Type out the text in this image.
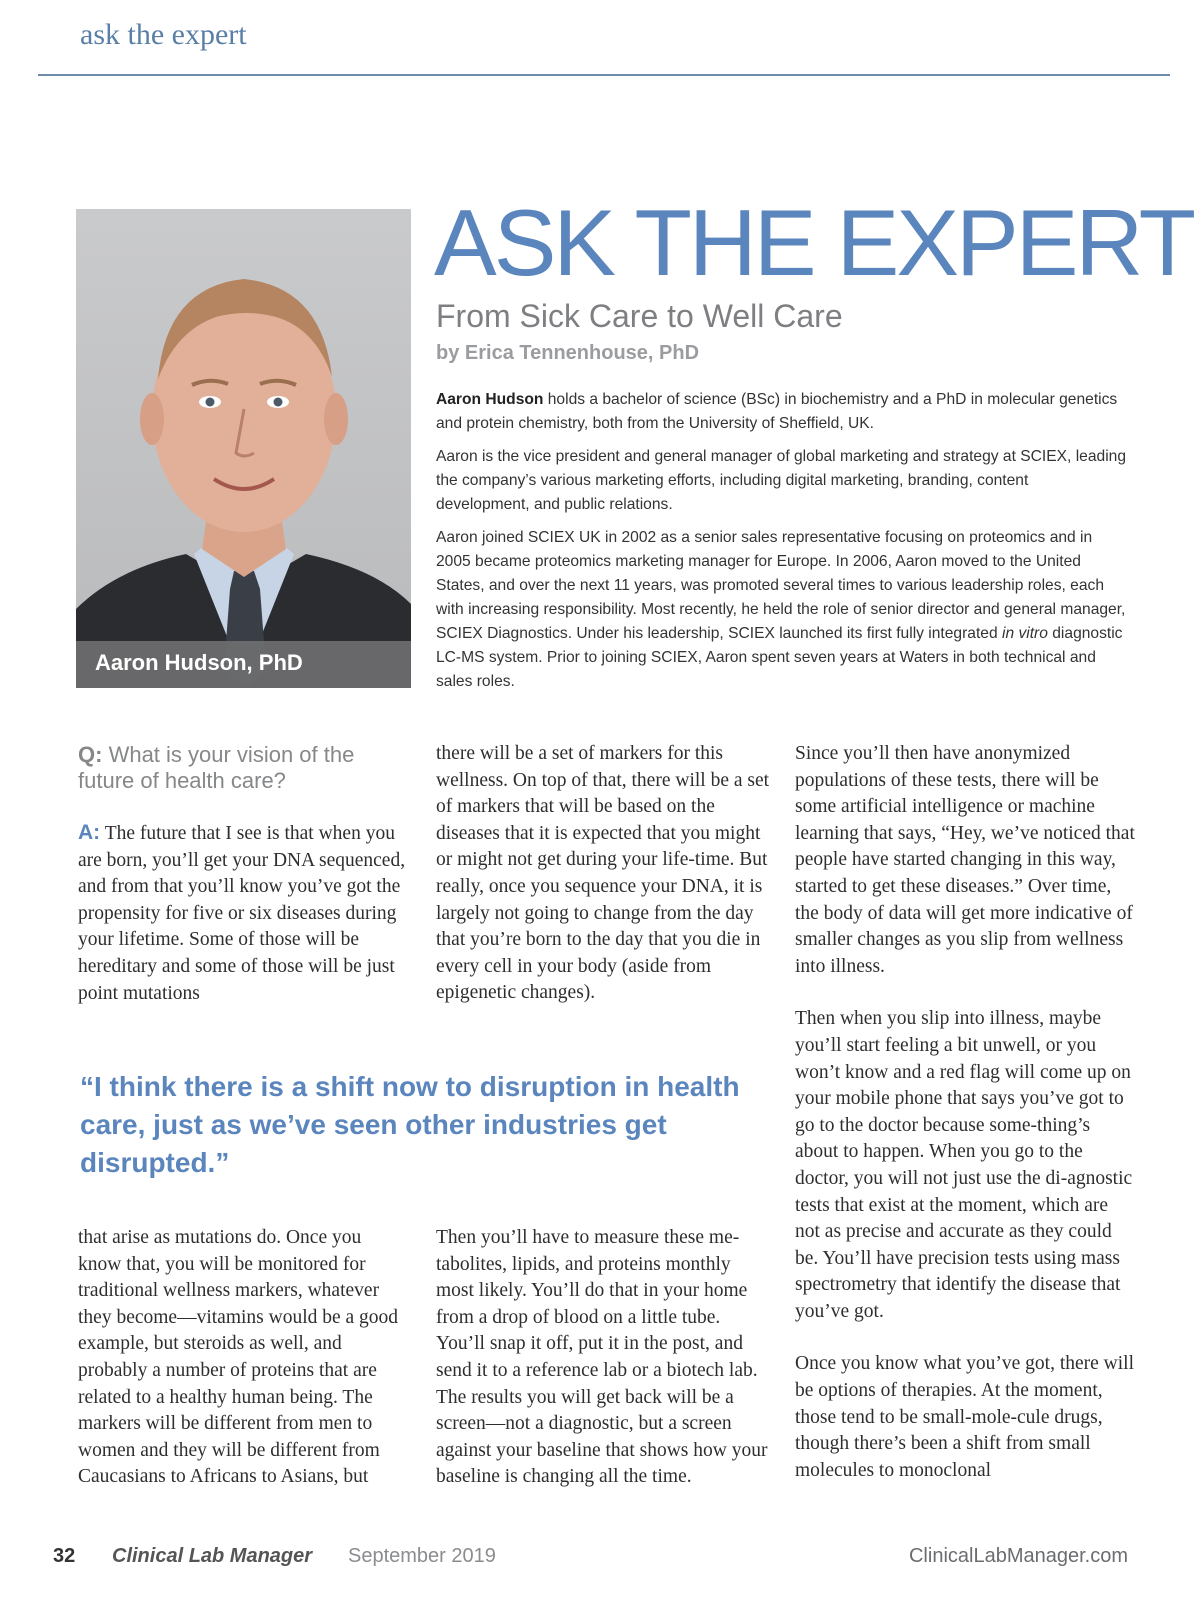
ask the expert
Aaron Hudson, PhD
ASK THE EXPERT
From Sick Care to Well Care
by Erica Tennenhouse, PhD

Aaron Hudson holds a bachelor of science (BSc) in biochemistry and a PhD in molecular genetics and protein chemistry, both from the University of Sheffield, UK.

Aaron is the vice president and general manager of global marketing and strategy at SCIEX, leading the company’s various marketing efforts, including digital marketing, branding, content development, and public relations.

Aaron joined SCIEX UK in 2002 as a senior sales representative focusing on proteomics and in 2005 became proteomics marketing manager for Europe. In 2006, Aaron moved to the United States, and over the next 11 years, was promoted several times to various leadership roles, each with increasing responsibility. Most recently, he held the role of senior director and general manager, SCIEX Diagnostics. Under his leadership, SCIEX launched its first fully integrated in vitro diagnostic LC-MS system. Prior to joining SCIEX, Aaron spent seven years at Waters in both technical and sales roles.

Q: What is your vision of the future of health care?

A: The future that I see is that when you are born, you’ll get your DNA sequenced, and from that you’ll know you’ve got the propensity for five or six diseases during your lifetime. Some of those will be hereditary and some of those will be just point mutations

there will be a set of markers for this wellness. On top of that, there will be a set of markers that will be based on the diseases that it is expected that you might or might not get during your life-time. But really, once you sequence your DNA, it is largely not going to change from the day that you’re born to the day that you die in every cell in your body (aside from epigenetic changes).

Since you’ll then have anonymized populations of these tests, there will be some artificial intelligence or machine learning that says, “Hey, we’ve noticed that people have started changing in this way, started to get these diseases.” Over time, the body of data will get more indicative of smaller changes as you slip from wellness into illness.

Then when you slip into illness, maybe you’ll start feeling a bit unwell, or you won’t know and a red flag will come up on your mobile phone that says you’ve got to go to the doctor because some-thing’s about to happen. When you go to the doctor, you will not just use the di-agnostic tests that exist at the moment, which are not as precise and accurate as they could be. You’ll have precision tests using mass spectrometry that identify the disease that you’ve got.

Once you know what you’ve got, there will be options of therapies. At the moment, those tend to be small-mole-cule drugs, though there’s been a shift from small molecules to monoclonal

“I think there is a shift now to disruption in health care, just as we’ve seen other industries get disrupted.”

that arise as mutations do. Once you know that, you will be monitored for traditional wellness markers, whatever they become—vitamins would be a good example, but steroids as well, and probably a number of proteins that are related to a healthy human being. The markers will be different from men to women and they will be different from Caucasians to Africans to Asians, but

Then you’ll have to measure these me-tabolites, lipids, and proteins monthly most likely. You’ll do that in your home from a drop of blood on a little tube. You’ll snap it off, put it in the post, and send it to a reference lab or a biotech lab. The results you will get back will be a screen—not a diagnostic, but a screen against your baseline that shows how your baseline is changing all the time.

32 Clinical Lab Manager September 2019	ClinicalLabManager.com
